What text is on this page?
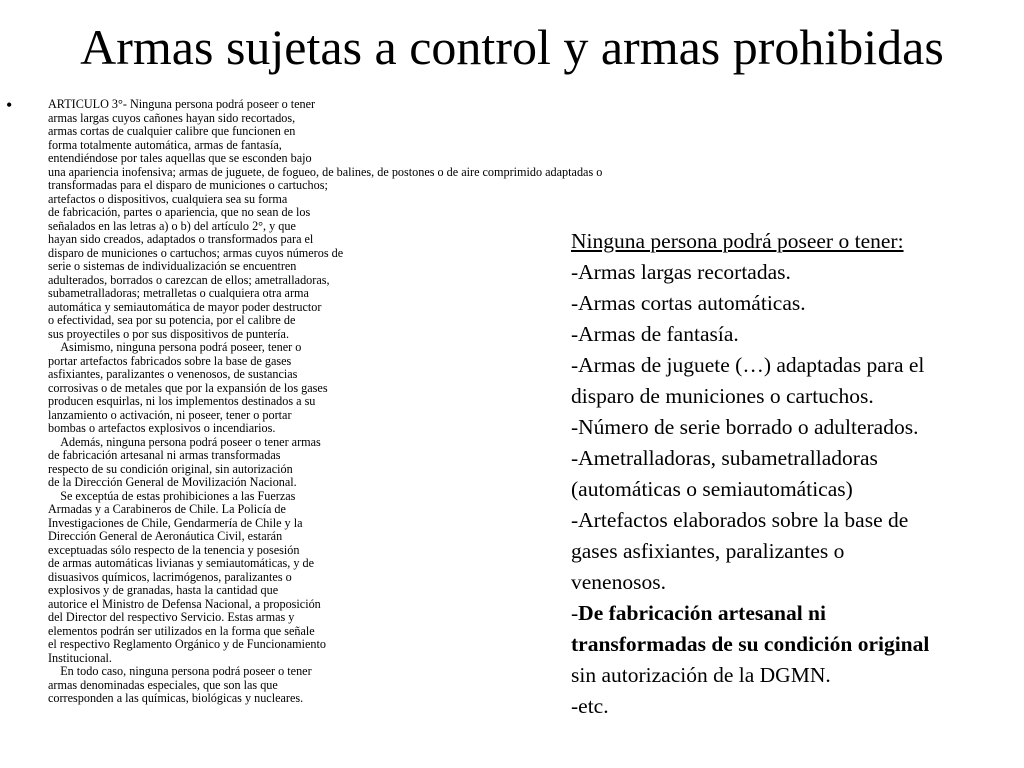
Armas sujetas a control y armas prohibidas
•	ARTICULO 3°- Ninguna persona podrá poseer o tener
armas largas cuyos cañones hayan sido recortados,
armas cortas de cualquier calibre que funcionen en
forma totalmente automática, armas de fantasía,
entendiéndose por tales aquellas que se esconden bajo
una apariencia inofensiva; armas de juguete, de fogueo, de balines, de postones o de aire comprimido adaptadas o
transformadas para el disparo de municiones o cartuchos;
artefactos o dispositivos, cualquiera sea su forma
de fabricación, partes o apariencia, que no sean de los
señalados en las letras a) o b) del artículo 2°, y que
hayan sido creados, adaptados o transformados para el
disparo de municiones o cartuchos; armas cuyos números de
serie o sistemas de individualización se encuentren
adulterados, borrados o carezcan de ellos; ametralladoras,
subametralladoras; metralletas o cualquiera otra arma
automática y semiautomática de mayor poder destructor
o efectividad, sea por su potencia, por el calibre de
sus proyectiles o por sus dispositivos de puntería.
Asimismo, ninguna persona podrá poseer, tener o
portar artefactos fabricados sobre la base de gases
asfixiantes, paralizantes o venenosos, de sustancias
corrosivas o de metales que por la expansión de los gases
producen esquirlas, ni los implementos destinados a su
lanzamiento o activación, ni poseer, tener o portar
bombas o artefactos explosivos o incendiarios.
Además, ninguna persona podrá poseer o tener armas
de fabricación artesanal ni armas transformadas
respecto de su condición original, sin autorización
de la Dirección General de Movilización Nacional.
Se exceptúa de estas prohibiciones a las Fuerzas
Armadas y a Carabineros de Chile. La Policía de
Investigaciones de Chile, Gendarmería de Chile y la
Dirección General de Aeronáutica Civil, estarán
exceptuadas sólo respecto de la tenencia y posesión
de armas automáticas livianas y semiautomáticas, y de
disuasivos químicos, lacrimógenos, paralizantes o
explosivos y de granadas, hasta la cantidad que
autorice el Ministro de Defensa Nacional, a proposición
del Director del respectivo Servicio. Estas armas y
elementos podrán ser utilizados en la forma que señale
el respectivo Reglamento Orgánico y de Funcionamiento
Institucional.
En todo caso, ninguna persona podrá poseer o tener
armas denominadas especiales, que son las que
corresponden a las químicas, biológicas y nucleares.
Ninguna persona podrá poseer o tener:
-Armas largas recortadas.
-Armas cortas automáticas.
-Armas de fantasía.
-Armas de juguete (…) adaptadas para el
disparo de municiones o cartuchos.
-Número de serie borrado o adulterados.
-Ametralladoras, subametralladoras
(automáticas o semiautomáticas)
-Artefactos elaborados sobre la base de
gases asfixiantes, paralizantes o
venenosos.
-De fabricación artesanal ni
transformadas de su condición original
sin autorización de la DGMN.
-etc.
